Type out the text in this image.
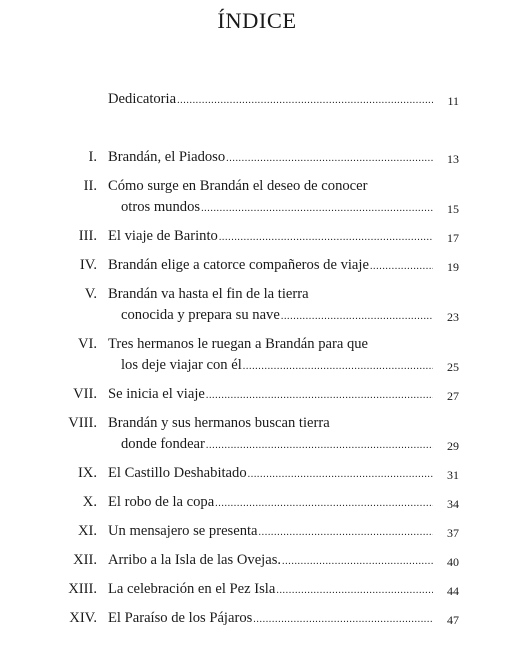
ÍNDICE
Dedicatoria .....	11
I. Brandán, el Piadoso .....	13
II. Cómo surge en Brandán el deseo de conocer
otros mundos .....	15
III. El viaje de Barinto .....	17
IV. Brandán elige a catorce compañeros de viaje .....	19
V. Brandán va hasta el fin de la tierra
conocida y prepara su nave .....	23
VI. Tres hermanos le ruegan a Brandán para que
los deje viajar con él .....	25
VII. Se inicia el viaje .....	27
VIII. Brandán y sus hermanos buscan tierra
donde fondear .....	29
IX. El Castillo Deshabitado .....	31
X. El robo de la copa .....	34
XI. Un mensajero se presenta .....	37
XII. Arribo a la Isla de las Ovejas. .....	40
XIII. La celebración en el Pez Isla .....	44
XIV. El Paraíso de los Pájaros .....	47
